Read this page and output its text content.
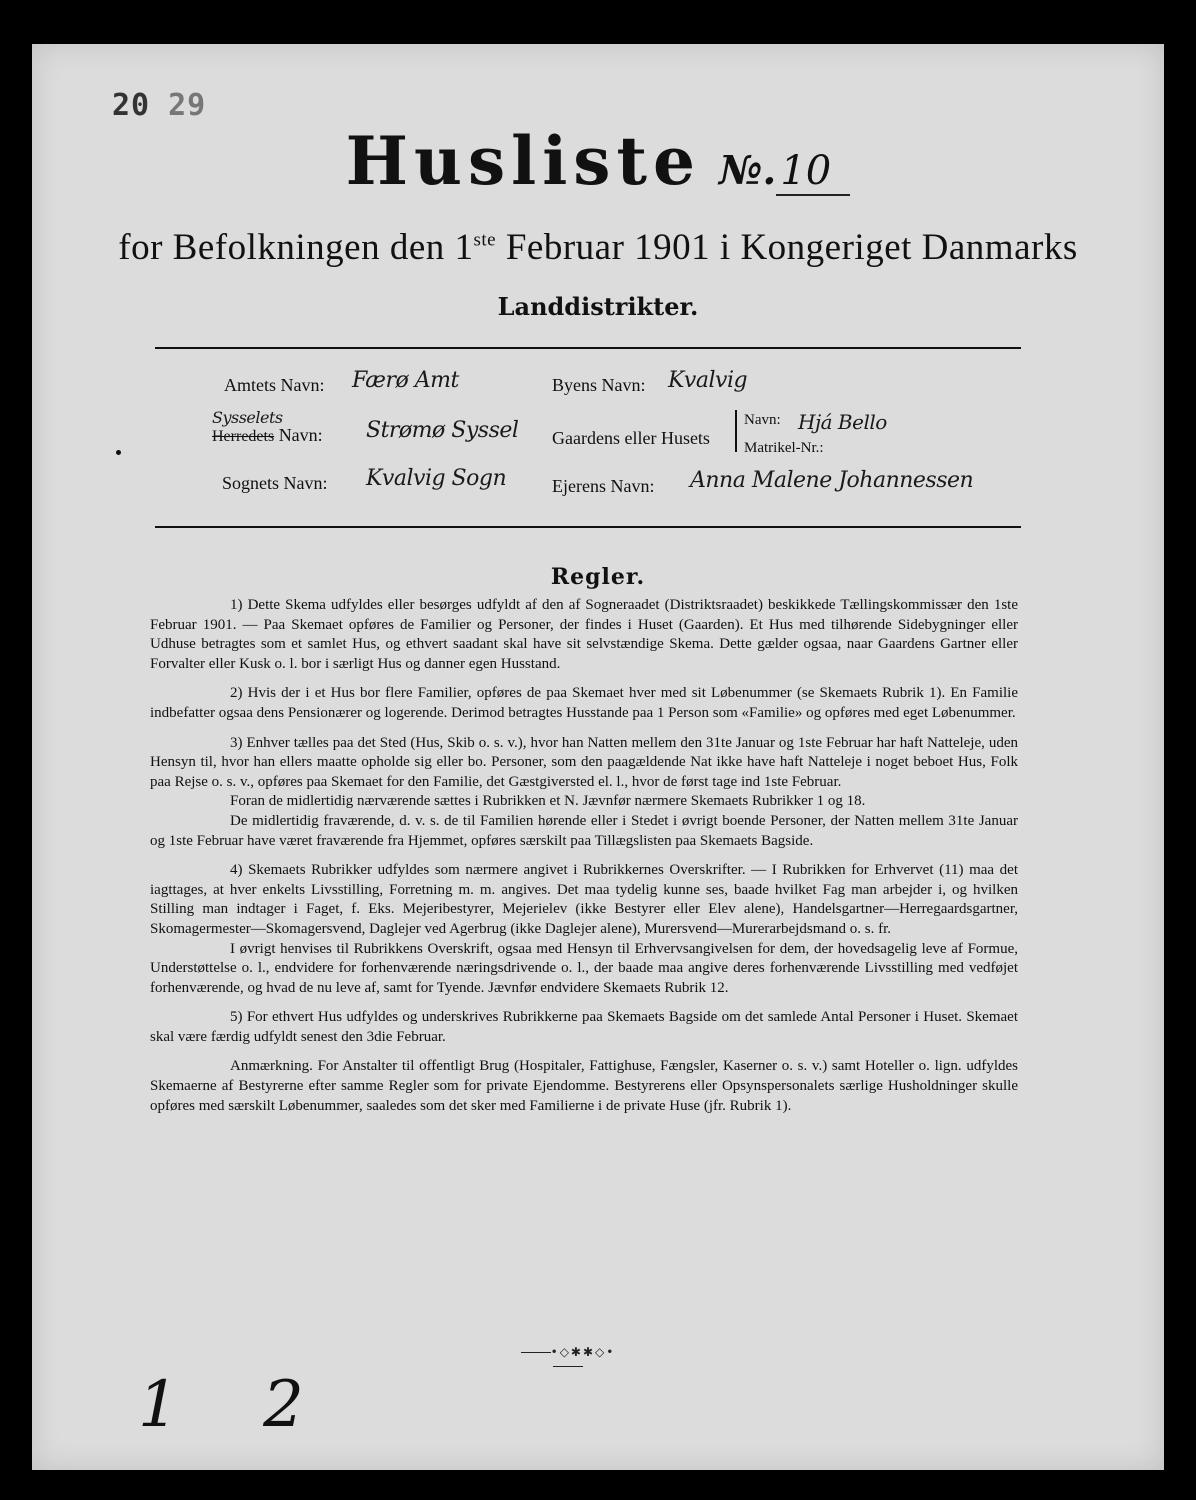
20 29
Husliste №. 10
for Befolkningen den 1ste Februar 1901 i Kongeriget Danmarks
Landdistrikter.
Amtets Navn: Færø Amt
Sysselets
Herredets Navn: Strømø Syssel
Sognets Navn: Kvalvig Sogn
Byens Navn: Kvalvig
Gaardens eller Husets
Navn: Hjá Bello
Matrikel-Nr.:
Ejerens Navn: Anna Malene Johannessen
Regler.

1) Dette Skema udfyldes eller besørges udfyldt af den af Sogneraadet (Distriktsraadet) beskikkede Tællingskommissær den 1ste Februar 1901. — Paa Skemaet opføres de Familier og Personer, der findes i Huset (Gaarden). Et Hus med tilhørende Sidebygninger eller Udhuse betragtes som et samlet Hus, og ethvert saadant skal have sit selvstændige Skema. Dette gælder ogsaa, naar Gaardens Gartner eller Forvalter eller Kusk o. l. bor i særligt Hus og danner egen Husstand.

2) Hvis der i et Hus bor flere Familier, opføres de paa Skemaet hver med sit Løbenummer (se Skemaets Rubrik 1). En Familie indbefatter ogsaa dens Pensionærer og logerende. Derimod betragtes Husstande paa 1 Person som «Familie» og opføres med eget Løbenummer.

3) Enhver tælles paa det Sted (Hus, Skib o. s. v.), hvor han Natten mellem den 31te Januar og 1ste Februar har haft Natteleje, uden Hensyn til, hvor han ellers maatte opholde sig eller bo. Personer, som den paagældende Nat ikke have haft Natteleje i noget beboet Hus, Folk paa Rejse o. s. v., opføres paa Skemaet for den Familie, det Gæstgiversted el. l., hvor de først tage ind 1ste Februar.

Foran de midlertidig nærværende sættes i Rubrikken et N. Jævnfør nærmere Skemaets Rubrikker 1 og 18.

De midlertidig fraværende, d. v. s. de til Familien hørende eller i Stedet i øvrigt boende Personer, der Natten mellem 31te Januar og 1ste Februar have været fraværende fra Hjemmet, opføres særskilt paa Tillægslisten paa Skemaets Bagside.

4) Skemaets Rubrikker udfyldes som nærmere angivet i Rubrikkernes Overskrifter. — I Rubrikken for Erhvervet (11) maa det iagttages, at hver enkelts Livsstilling, Forretning m. m. angives. Det maa tydelig kunne ses, baade hvilket Fag man arbejder i, og hvilken Stilling man indtager i Faget, f. Eks. Mejeribestyrer, Mejerielev (ikke Bestyrer eller Elev alene), Handelsgartner—Herregaardsgartner, Skomagermester—Skomagersvend, Daglejer ved Agerbrug (ikke Daglejer alene), Murersvend—Murerarbejdsmand o. s. fr.

I øvrigt henvises til Rubrikkens Overskrift, ogsaa med Hensyn til Erhvervsangivelsen for dem, der hovedsagelig leve af Formue, Understøttelse o. l., endvidere for forhenværende næringsdrivende o. l., der baade maa angive deres forhenværende Livsstilling med vedføjet forhenværende, og hvad de nu leve af, samt for Tyende. Jævnfør endvidere Skemaets Rubrik 12.

5) For ethvert Hus udfyldes og underskrives Rubrikkerne paa Skemaets Bagside om det samlede Antal Personer i Huset. Skemaet skal være færdig udfyldt senest den 3die Februar.

Anmærkning. For Anstalter til offentligt Brug (Hospitaler, Fattighuse, Fængsler, Kaserner o. s. v.) samt Hoteller o. lign. udfyldes Skemaerne af Bestyrerne efter samme Regler som for private Ejendomme. Bestyrerens eller Opsynspersonalets særlige Husholdninger skulle opføres med særskilt Løbenummer, saaledes som det sker med Familierne i de private Huse (jfr. Rubrik 1).

•◇✱✱◇•
1 2
